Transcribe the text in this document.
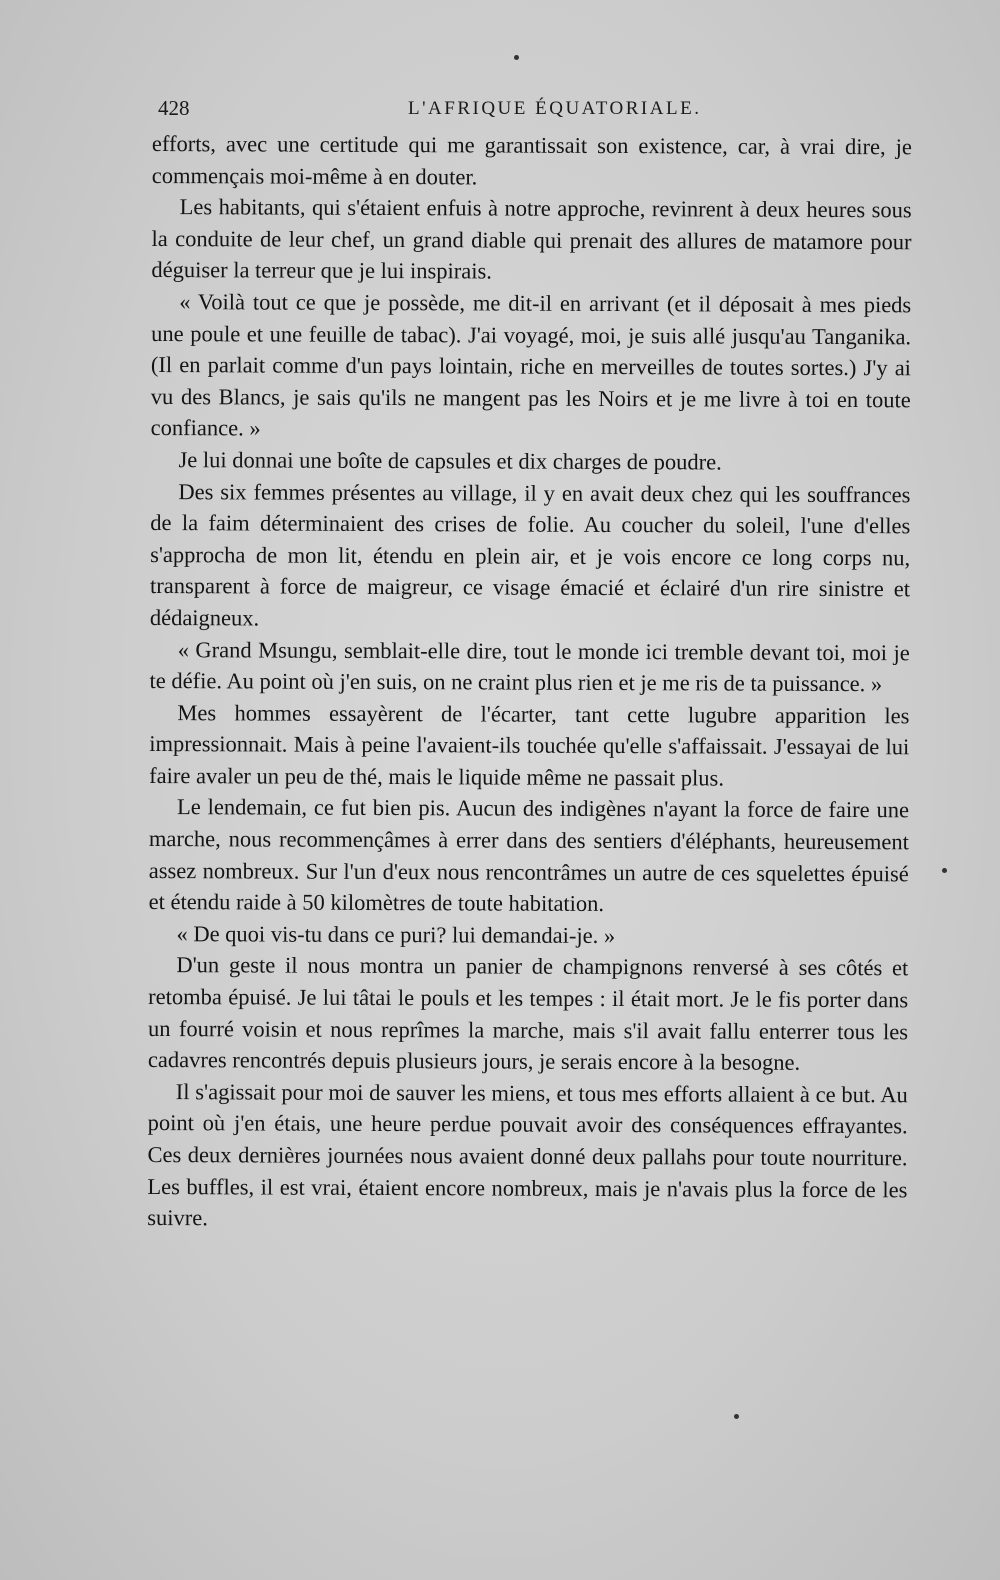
428	L'AFRIQUE ÉQUATORIALE.

efforts, avec une certitude qui me garantissait son existence, car, à vrai dire, je commençais moi-même à en douter.

Les habitants, qui s'étaient enfuis à notre approche, revinrent à deux heures sous la conduite de leur chef, un grand diable qui prenait des allures de matamore pour déguiser la terreur que je lui inspirais.

« Voilà tout ce que je possède, me dit-il en arrivant (et il déposait à mes pieds une poule et une feuille de tabac). J'ai voyagé, moi, je suis allé jusqu'au Tanganika. (Il en parlait comme d'un pays lointain, riche en merveilles de toutes sortes.) J'y ai vu des Blancs, je sais qu'ils ne mangent pas les Noirs et je me livre à toi en toute confiance. »

Je lui donnai une boîte de capsules et dix charges de poudre.

Des six femmes présentes au village, il y en avait deux chez qui les souffrances de la faim déterminaient des crises de folie. Au coucher du soleil, l'une d'elles s'approcha de mon lit, étendu en plein air, et je vois encore ce long corps nu, transparent à force de maigreur, ce visage émacié et éclairé d'un rire sinistre et dédaigneux.

« Grand Msungu, semblait-elle dire, tout le monde ici tremble devant toi, moi je te défie. Au point où j'en suis, on ne craint plus rien et je me ris de ta puissance. »

Mes hommes essayèrent de l'écarter, tant cette lugubre apparition les impressionnait. Mais à peine l'avaient-ils touchée qu'elle s'affaissait. J'essayai de lui faire avaler un peu de thé, mais le liquide même ne passait plus.

Le lendemain, ce fut bien pis. Aucun des indigènes n'ayant la force de faire une marche, nous recommençâmes à errer dans des sentiers d'éléphants, heureusement assez nombreux. Sur l'un d'eux nous rencontrâmes un autre de ces squelettes épuisé et étendu raide à 50 kilomètres de toute habitation.

« De quoi vis-tu dans ce puri? lui demandai-je. »

D'un geste il nous montra un panier de champignons renversé à ses côtés et retomba épuisé. Je lui tâtai le pouls et les tempes : il était mort. Je le fis porter dans un fourré voisin et nous reprîmes la marche, mais s'il avait fallu enterrer tous les cadavres rencontrés depuis plusieurs jours, je serais encore à la besogne.

Il s'agissait pour moi de sauver les miens, et tous mes efforts allaient à ce but. Au point où j'en étais, une heure perdue pouvait avoir des conséquences effrayantes. Ces deux dernières journées nous avaient donné deux pallahs pour toute nourriture. Les buffles, il est vrai, étaient encore nombreux, mais je n'avais plus la force de les suivre.
